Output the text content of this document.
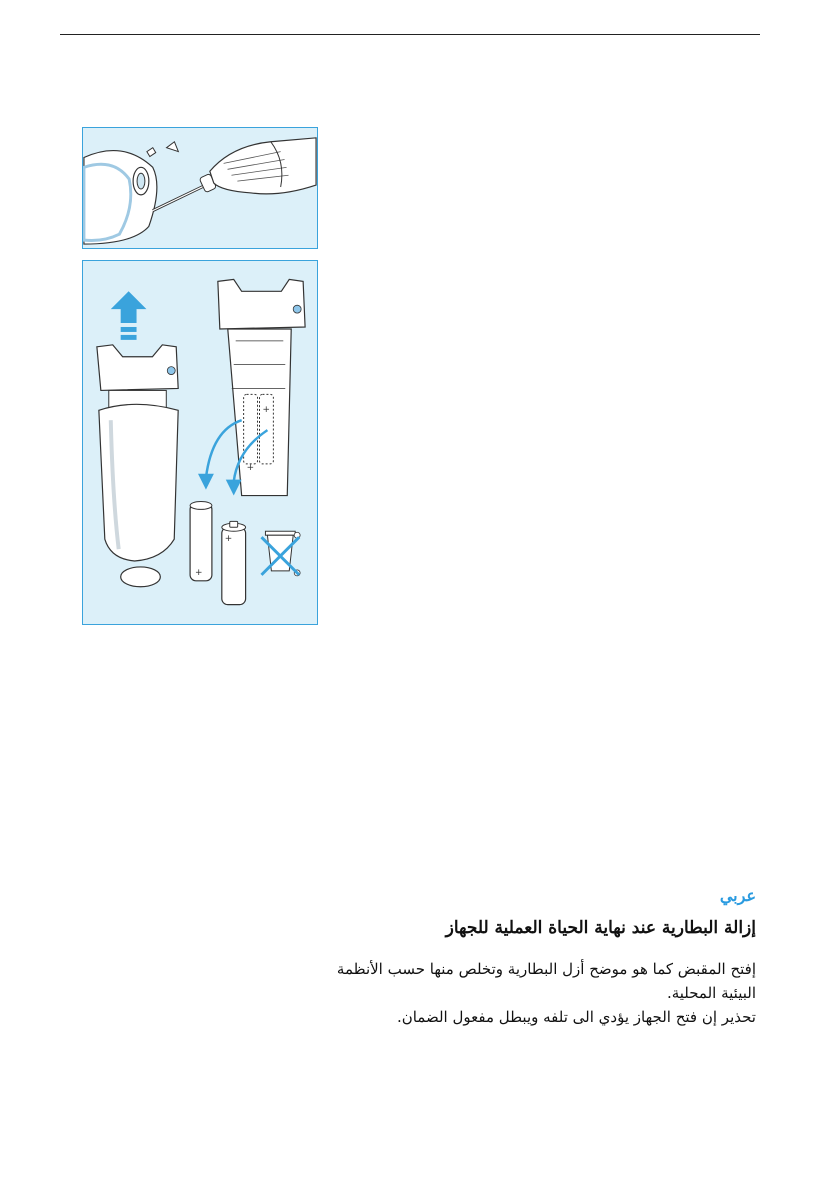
+
+
+
+
عربي
إزالة البطارية عند نهاية الحياة العملية للجهاز

إفتح المقبض كما هو موضح أزل البطارية وتخلص منها حسب الأنظمة

البيئية المحلية.

تحذير إن فتح الجهاز يؤدي الى تلفه ويبطل مفعول الضمان.
